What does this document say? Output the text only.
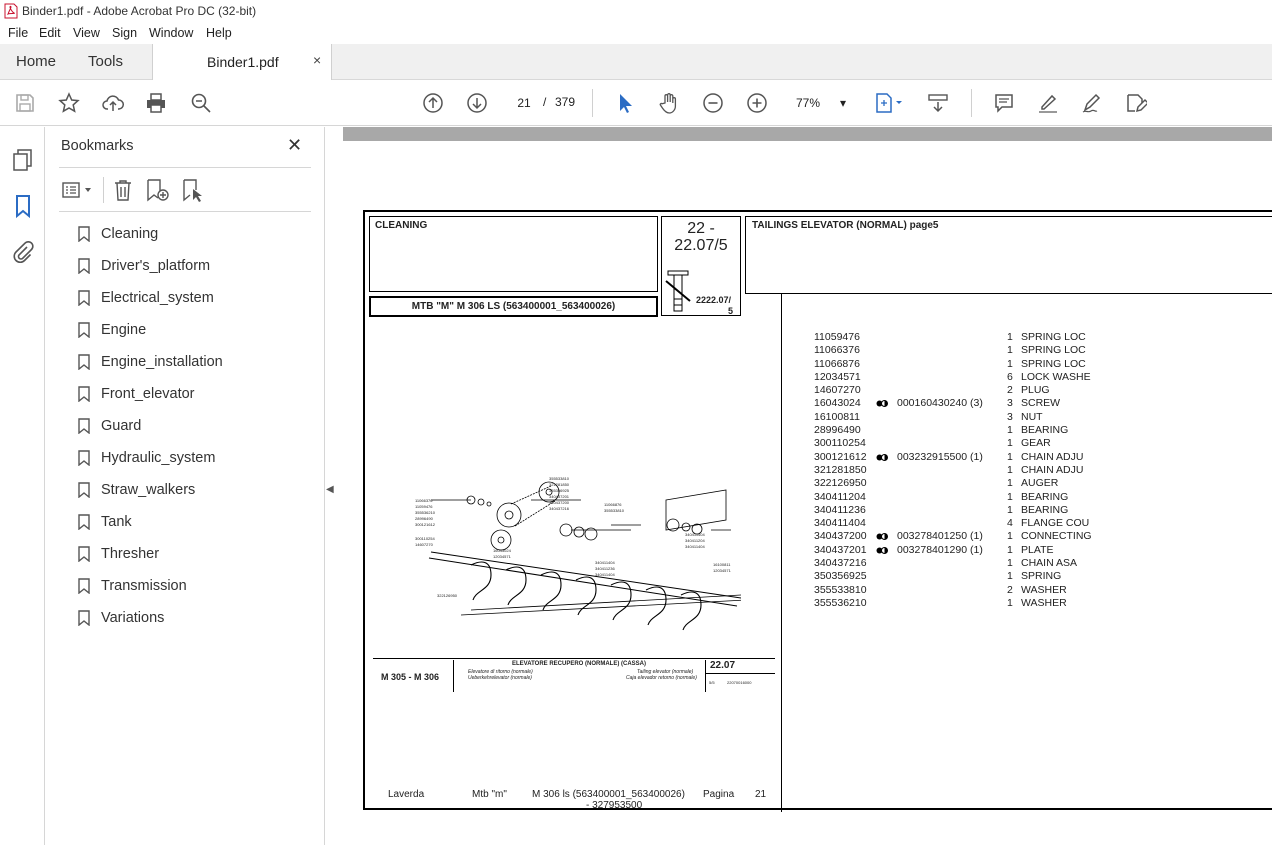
Binder1.pdf - Adobe Acrobat Pro DC (32-bit)
File Edit View Sign Window Help
Home Tools	Binder1.pdf ×
21	/ 379	77% ▾
Bookmarks	✕
Cleaning
Driver's_platform
Electrical_system
Engine
Engine_installation
Front_elevator
Guard
Hydraulic_system
Straw_walkers
Tank
Thresher
Transmission
Variations
◀
CLEANING
MTB "M" M 306 LS (563400001_563400026)
22 -
22.07/5
2222.07/
5
TAILINGS ELEVATOR (NORMAL) page5
11066376
11059476
355536210
28996490
300121612
355533810
321281850
355356925
340437201
340437200
340437216
11066876
355533810
300110254
14607270
16043024
12034571
340411404
340411236
340411404
340411404
340411204
340411404
16100811
12034571
322126950
M 305 - M 306
ELEVATORE RECUPERO (NORMALE) (CASSA)
Elevatore di ritorno (normale)
Ueberkehrelevator (normale)
Tailing elevator (normale)
Caja elevador retorno (normale)
22.07
5/5	22070016000
11059476	1 SPRING LOC
11066376	1 SPRING LOC
11066876	1 SPRING LOC
12034571	6 LOCK WASHE
14607270	2 PLUG
16043024	000160430240 (3) 3 SCREW
16100811	3 NUT
28996490	1 BEARING
300110254	1 GEAR
300121612	003232915500 (1) 1 CHAIN ADJU
321281850	1 CHAIN ADJU
322126950	1 AUGER
340411204	1 BEARING
340411236	1 BEARING
340411404	4 FLANGE COU
340437200	003278401250 (1) 1 CONNECTING
340437201	003278401290 (1) 1 PLATE
340437216	1 CHAIN ASA
350356925	1 SPRING
355533810	2 WASHER
355536210	1 WASHER
Laverda	Mtb "m"	M 306 ls (563400001_563400026)
- 327953500
Pagina 21
